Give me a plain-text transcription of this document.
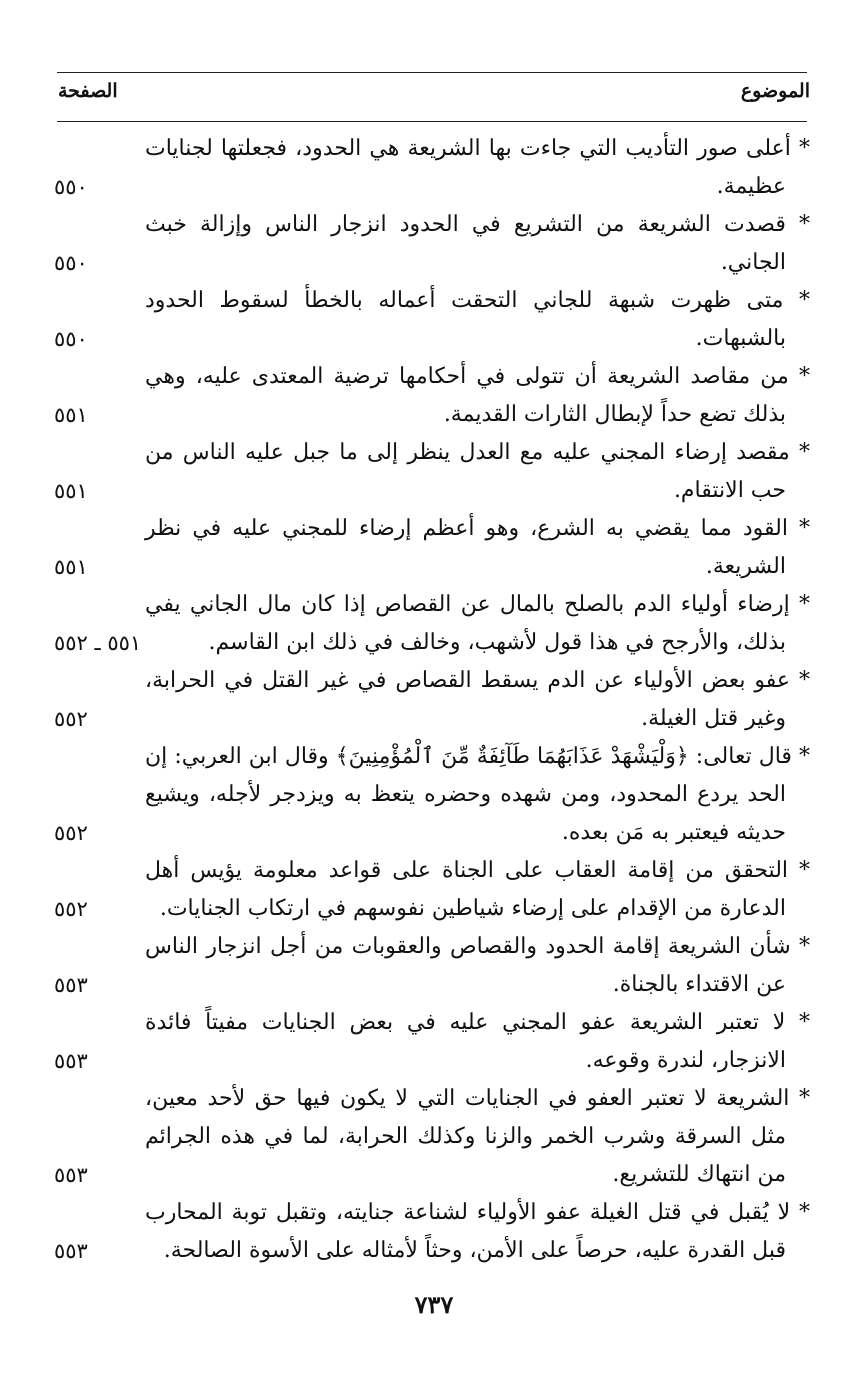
الموضوع
الصفحة
* أعلى صور التأديب التي جاءت بها الشريعة هي الحدود، فجعلتها لجنايات عظيمة.
٥٥٠
* قصدت الشريعة من التشريع في الحدود انزجار الناس وإزالة خبث الجاني.
٥٥٠
* متى ظهرت شبهة للجاني التحقت أعماله بالخطأ لسقوط الحدود بالشبهات.
٥٥٠
* من مقاصد الشريعة أن تتولى في أحكامها ترضية المعتدى عليه، وهي بذلك تضع حداً لإبطال الثارات القديمة.
٥٥١
* مقصد إرضاء المجني عليه مع العدل ينظر إلى ما جبل عليه الناس من حب الانتقام.
٥٥١
* القود مما يقضي به الشرع، وهو أعظم إرضاء للمجني عليه في نظر الشريعة.
٥٥١
* إرضاء أولياء الدم بالصلح بالمال عن القصاص إذا كان مال الجاني يفي بذلك، والأرجح في هذا قول لأشهب، وخالف في ذلك ابن القاسم.
٥٥١ ـ ٥٥٢
* عفو بعض الأولياء عن الدم يسقط القصاص في غير القتل في الحرابة، وغير قتل الغيلة.
٥٥٢
* قال تعالى: ﴿وَلْيَشْهَدْ عَذَابَهُمَا طَآئِفَةٌ مِّنَ ٱلْمُؤْمِنِينَ﴾ وقال ابن العربي: إن الحد يردع المحدود، ومن شهده وحضره يتعظ به ويزدجر لأجله، ويشيع حديثه فيعتبر به مَن بعده.
٥٥٢
* التحقق من إقامة العقاب على الجناة على قواعد معلومة يؤيس أهل الدعارة من الإقدام على إرضاء شياطين نفوسهم في ارتكاب الجنايات.
٥٥٢
* شأن الشريعة إقامة الحدود والقصاص والعقوبات من أجل انزجار الناس عن الاقتداء بالجناة.
٥٥٣
* لا تعتبر الشريعة عفو المجني عليه في بعض الجنايات مفيتاً فائدة الانزجار، لندرة وقوعه.
٥٥٣
* الشريعة لا تعتبر العفو في الجنايات التي لا يكون فيها حق لأحد معين، مثل السرقة وشرب الخمر والزنا وكذلك الحرابة، لما في هذه الجرائم من انتهاك للتشريع.
٥٥٣
* لا يُقبل في قتل الغيلة عفو الأولياء لشناعة جنايته، وتقبل توبة المحارب قبل القدرة عليه، حرصاً على الأمن، وحثاً لأمثاله على الأسوة الصالحة.
٥٥٣
٧٣٧
